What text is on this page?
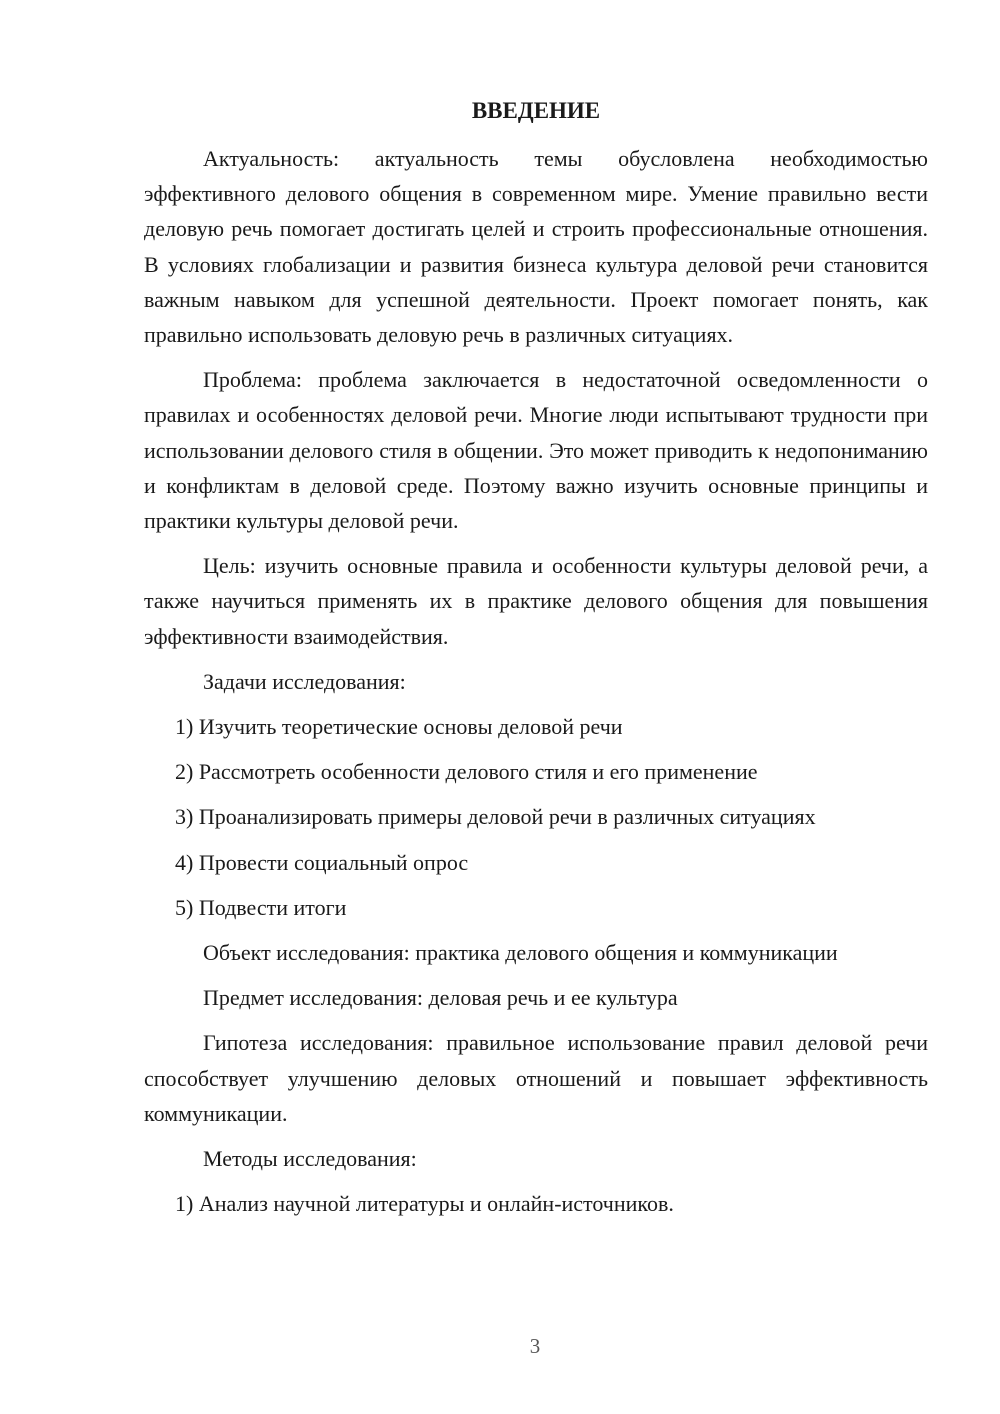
ВВЕДЕНИЕ

Актуальность: актуальность темы обусловлена необходимостью эффективного делового общения в современном мире. Умение правильно вести деловую речь помогает достигать целей и строить профессиональные отношения. В условиях глобализации и развития бизнеса культура деловой речи становится важным навыком для успешной деятельности. Проект помогает понять, как правильно использовать деловую речь в различных ситуациях.

Проблема: проблема заключается в недостаточной осведомленности о правилах и особенностях деловой речи. Многие люди испытывают трудности при использовании делового стиля в общении. Это может приводить к недопониманию и конфликтам в деловой среде. Поэтому важно изучить основные принципы и практики культуры деловой речи.

Цель: изучить основные правила и особенности культуры деловой речи, а также научиться применять их в практике делового общения для повышения эффективности взаимодействия.

Задачи исследования:

1) Изучить теоретические основы деловой речи
2) Рассмотреть особенности делового стиля и его применение
3) Проанализировать примеры деловой речи в различных ситуациях
4) Провести социальный опрос
5) Подвести итоги

Объект исследования: практика делового общения и коммуникации

Предмет исследования: деловая речь и ее культура

Гипотеза исследования: правильное использование правил деловой речи способствует улучшению деловых отношений и повышает эффективность коммуникации.

Методы исследования:

1) Анализ научной литературы и онлайн-источников.
3
